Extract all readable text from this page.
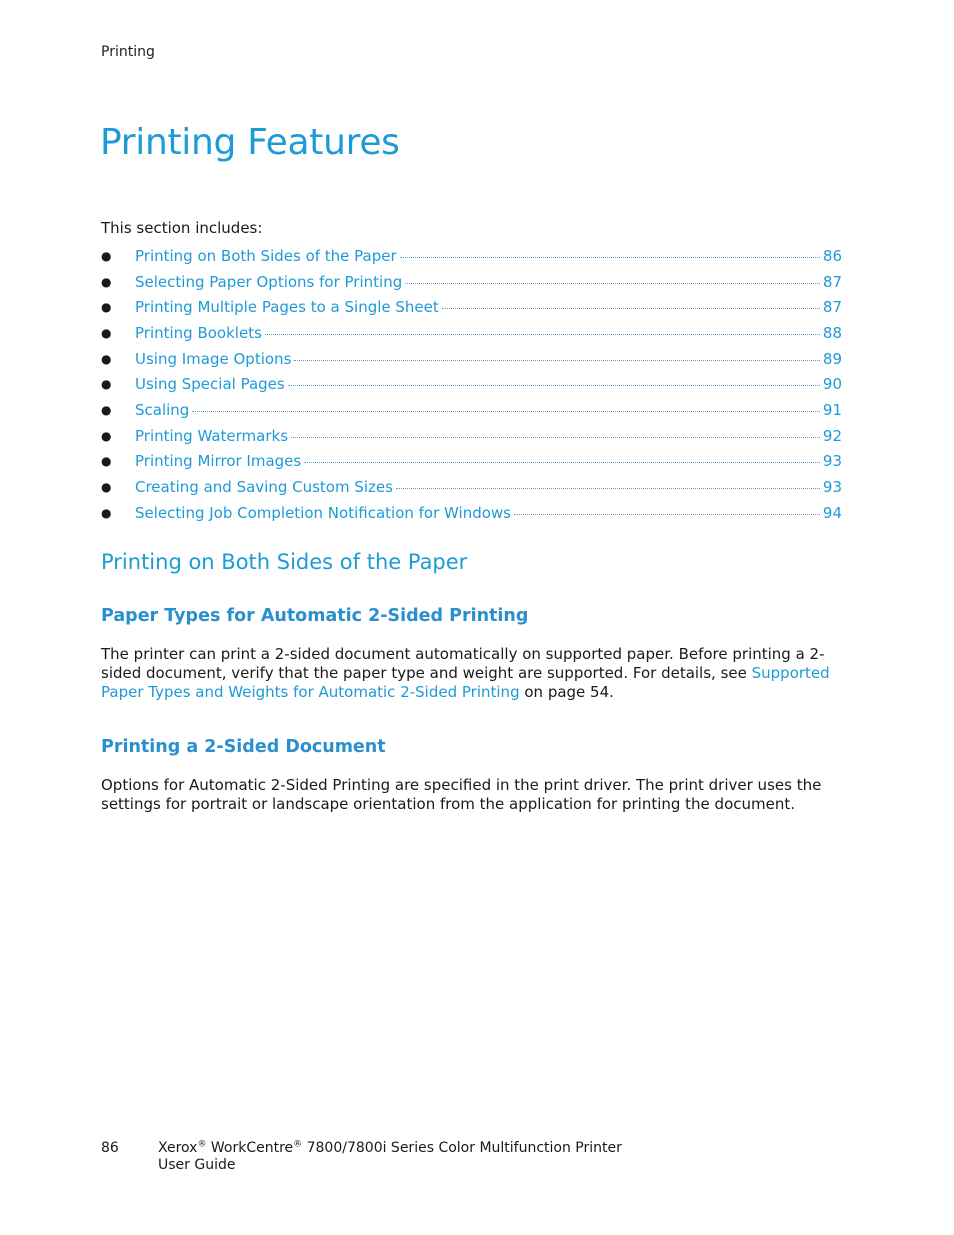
Printing
Printing Features
This section includes:
●	Printing on Both Sides of the Paper	86
●	Selecting Paper Options for Printing	87
●	Printing Multiple Pages to a Single Sheet	87
●	Printing Booklets	88
●	Using Image Options	89
●	Using Special Pages	90
●	Scaling	91
●	Printing Watermarks	92
●	Printing Mirror Images	93
●	Creating and Saving Custom Sizes	93
●	Selecting Job Completion Notification for Windows	94
Printing on Both Sides of the Paper
Paper Types for Automatic 2-Sided Printing

The printer can print a 2-sided document automatically on supported paper. Before printing a 2-sided document, verify that the paper type and weight are supported. For details, see Supported Paper Types and Weights for Automatic 2-Sided Printing on page 54.

Printing a 2-Sided Document

Options for Automatic 2-Sided Printing are specified in the print driver. The print driver uses the settings for portrait or landscape orientation from the application for printing the document.

86	Xerox® WorkCentre® 7800/7800i Series Color Multifunction Printer
User Guide
